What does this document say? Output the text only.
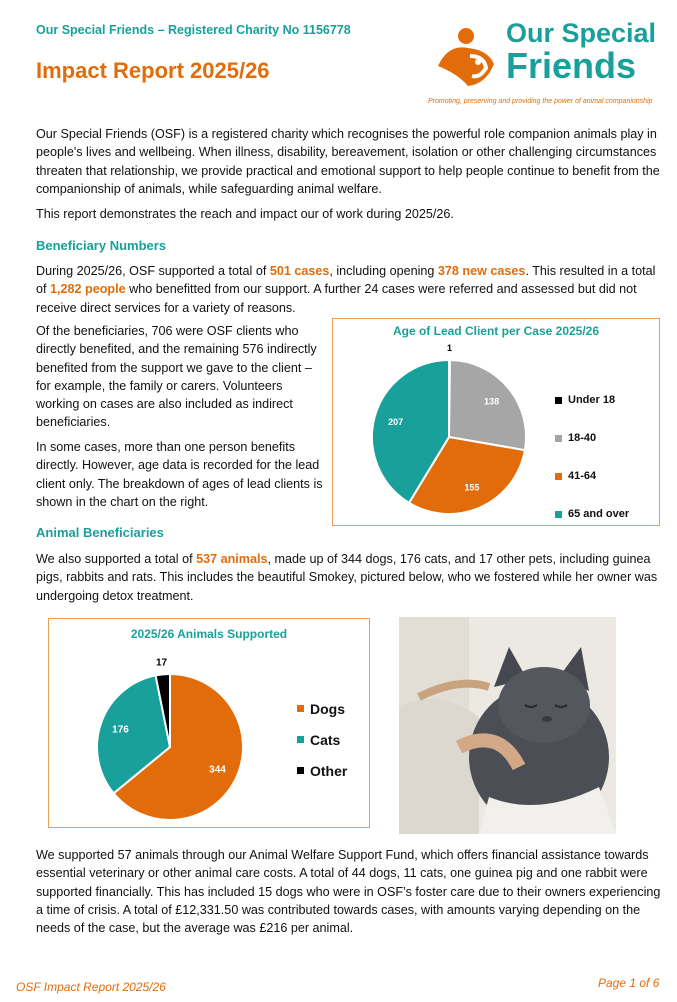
Our Special Friends – Registered Charity No 1156778
Impact Report 2025/26
Our Special
Friends
Promoting, preserving and providing the power of animal companionship

Our Special Friends (OSF) is a registered charity which recognises the powerful role companion animals play in people's lives and wellbeing. When illness, disability, bereavement, isolation or other challenging circumstances threaten that relationship, we provide practical and emotional support to help people continue to benefit from the companionship of animals, while safeguarding animal welfare.

This report demonstrates the reach and impact our of work during 2025/26.

Beneficiary Numbers

During 2025/26, OSF supported a total of 501 cases, including opening 378 new cases. This resulted in a total of 1,282 people who benefitted from our support. A further 24 cases were referred and assessed but did not receive direct services for a variety of reasons.

Of the beneficiaries, 706 were OSF clients who directly benefited, and the remaining 576 indirectly benefited from the support we gave to the client – for example, the family or carers. Volunteers working on cases are also included as indirect beneficiaries.

In some cases, more than one person benefits directly. However, age data is recorded for the lead client only. The breakdown of ages of lead clients is shown in the chart on the right.

Age of Lead Client per Case 2025/26
1
138
155
207
Under 18
18-40
41-64
65 and over
Animal Beneficiaries

We also supported a total of 537 animals, made up of 344 dogs, 176 cats, and 17 other pets, including guinea pigs, rabbits and rats. This includes the beautiful Smokey, pictured below, who we fostered while her owner was undergoing detox treatment.

2025/26 Animals Supported
344
176
17
Dogs
Cats
Other

We supported 57 animals through our Animal Welfare Support Fund, which offers financial assistance towards essential veterinary or other animal care costs. A total of 44 dogs, 11 cats, one guinea pig and one rabbit were supported financially. This has included 15 dogs who were in OSF’s foster care due to their owners experiencing a time of crisis. A total of £12,331.50 was contributed towards cases, with amounts varying depending on the needs of the case, but the average was £216 per animal.

OSF Impact Report 2025/26	Page 1 of 6
